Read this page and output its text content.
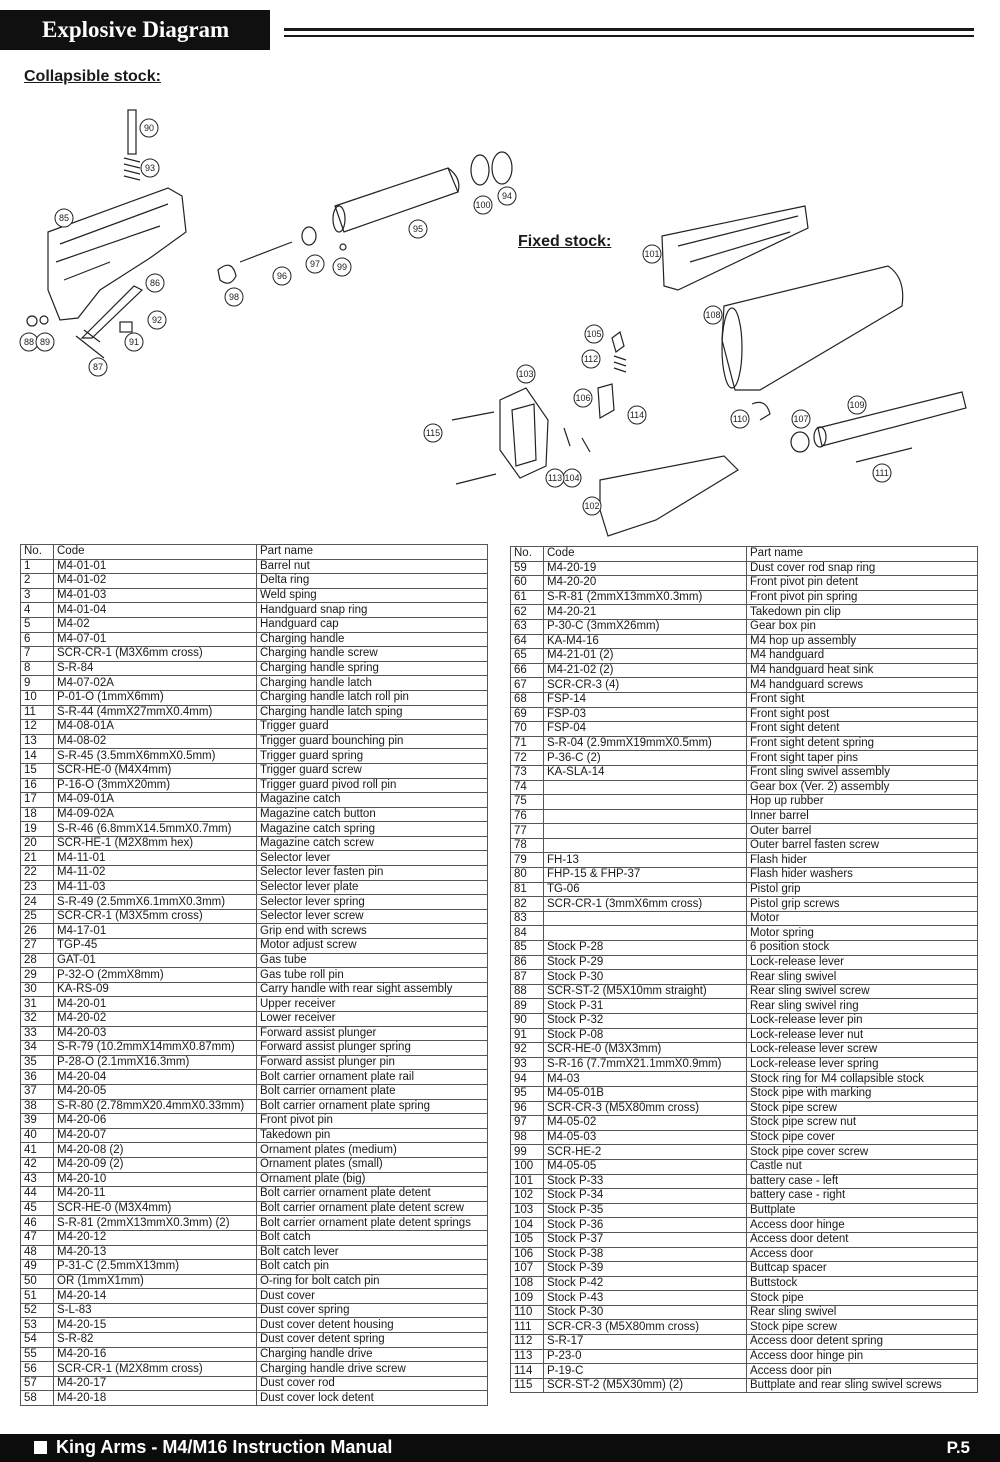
Explosive Diagram
Collapsible stock:
Fixed stock:
90
93
85
86
87
88 89	91
92
94
95
96
97
98
99
100
101
102
103
104
105
106
107
108
109
110
111
112
113
114
115
No.	Code	Part name
1	M4-01-01	Barrel nut
2	M4-01-02	Delta ring
3	M4-01-03	Weld sping
4	M4-01-04	Handguard snap ring
5	M4-02	Handguard cap
6	M4-07-01	Charging handle
7	SCR-CR-1 (M3X6mm cross)	Charging handle screw
8	S-R-84	Charging handle spring
9	M4-07-02A	Charging handle latch
10	P-01-O (1mmX6mm)	Charging handle latch roll pin
11	S-R-44 (4mmX27mmX0.4mm)	Charging handle latch sping
12	M4-08-01A	Trigger guard
13	M4-08-02	Trigger guard bounching pin
14	S-R-45 (3.5mmX6mmX0.5mm)	Trigger guard spring
15	SCR-HE-0 (M4X4mm)	Trigger guard screw
16	P-16-O (3mmX20mm)	Trigger guard pivod roll pin
17	M4-09-01A	Magazine catch
18	M4-09-02A	Magazine catch button
19	S-R-46 (6.8mmX14.5mmX0.7mm)	Magazine catch spring
20	SCR-HE-1 (M2X8mm hex)	Magazine catch screw
21	M4-11-01	Selector lever
22	M4-11-02	Selector lever fasten pin
23	M4-11-03	Selector lever plate
24	S-R-49 (2.5mmX6.1mmX0.3mm)	Selector lever spring
25	SCR-CR-1 (M3X5mm cross)	Selector lever screw
26	M4-17-01	Grip end with screws
27	TGP-45	Motor adjust screw
28	GAT-01	Gas tube
29	P-32-O (2mmX8mm)	Gas tube roll pin
30	KA-RS-09	Carry handle with rear sight assembly
31	M4-20-01	Upper receiver
32	M4-20-02	Lower receiver
33	M4-20-03	Forward assist plunger
34	S-R-79 (10.2mmX14mmX0.87mm)	Forward assist plunger spring
35	P-28-O (2.1mmX16.3mm)	Forward assist plunger pin
36	M4-20-04	Bolt carrier ornament plate rail
37	M4-20-05	Bolt carrier ornament plate
38	S-R-80 (2.78mmX20.4mmX0.33mm)	Bolt carrier ornament plate spring
39	M4-20-06	Front pivot pin
40	M4-20-07	Takedown pin
41	M4-20-08 (2)	Ornament plates (medium)
42	M4-20-09 (2)	Ornament plates (small)
43	M4-20-10	Ornament plate (big)
44	M4-20-11	Bolt carrier ornament plate detent
45	SCR-HE-0 (M3X4mm)	Bolt carrier ornament plate detent screw
46	S-R-81 (2mmX13mmX0.3mm) (2)	Bolt carrier ornament plate detent springs
47	M4-20-12	Bolt catch
48	M4-20-13	Bolt catch lever
49	P-31-C (2.5mmX13mm)	Bolt catch pin
50	OR (1mmX1mm)	O-ring for bolt catch pin
51	M4-20-14	Dust cover
52	S-L-83	Dust cover spring
53	M4-20-15	Dust cover detent housing
54	S-R-82	Dust cover detent spring
55	M4-20-16	Charging handle drive
56	SCR-CR-1 (M2X8mm cross)	Charging handle drive screw
57	M4-20-17	Dust cover rod
58	M4-20-18	Dust cover lock detent
No.	Code	Part name
59	M4-20-19	Dust cover rod snap ring
60	M4-20-20	Front pivot pin detent
61	S-R-81 (2mmX13mmX0.3mm)	Front pivot pin spring
62	M4-20-21	Takedown pin clip
63	P-30-C (3mmX26mm)	Gear box pin
64	KA-M4-16	M4 hop up assembly
65	M4-21-01 (2)	M4 handguard
66	M4-21-02 (2)	M4 handguard heat sink
67	SCR-CR-3 (4)	M4 handguard screws
68	FSP-14	Front sight
69	FSP-03	Front sight post
70	FSP-04	Front sight detent
71	S-R-04 (2.9mmX19mmX0.5mm)	Front sight detent spring
72	P-36-C (2)	Front sight taper pins
73	KA-SLA-14	Front sling swivel assembly
74		Gear box (Ver. 2) assembly
75		Hop up rubber
76		Inner barrel
77		Outer barrel
78		Outer barrel fasten screw
79	FH-13	Flash hider
80	FHP-15 & FHP-37	Flash hider washers
81	TG-06	Pistol grip
82	SCR-CR-1 (3mmX6mm cross)	Pistol grip screws
83		Motor
84		Motor spring
85	Stock P-28	6 position stock
86	Stock P-29	Lock-release lever
87	Stock P-30	Rear sling swivel
88	SCR-ST-2 (M5X10mm straight)	Rear sling swivel screw
89	Stock P-31	Rear sling swivel ring
90	Stock P-32	Lock-release lever pin
91	Stock P-08	Lock-release lever nut
92	SCR-HE-0 (M3X3mm)	Lock-release lever screw
93	S-R-16 (7.7mmX21.1mmX0.9mm)	Lock-release lever spring
94	M4-03	Stock ring for M4 collapsible stock
95	M4-05-01B	Stock pipe with marking
96	SCR-CR-3 (M5X80mm cross)	Stock pipe screw
97	M4-05-02	Stock pipe screw nut
98	M4-05-03	Stock pipe cover
99	SCR-HE-2	Stock pipe cover screw
100	M4-05-05	Castle nut
101	Stock P-33	battery case - left
102	Stock P-34	battery case - right
103	Stock P-35	Buttplate
104	Stock P-36	Access door hinge
105	Stock P-37	Access door detent
106	Stock P-38	Access door
107	Stock P-39	Buttcap spacer
108	Stock P-42	Buttstock
109	Stock P-43	Stock pipe
110	Stock P-30	Rear sling swivel
111	SCR-CR-3 (M5X80mm cross)	Stock pipe screw
112	S-R-17	Access door detent spring
113	P-23-0	Access door hinge pin
114	P-19-C	Access door pin
115	SCR-ST-2 (M5X30mm) (2)	Buttplate and rear sling swivel screws
King Arms - M4/M16 Instruction Manual	P.5
